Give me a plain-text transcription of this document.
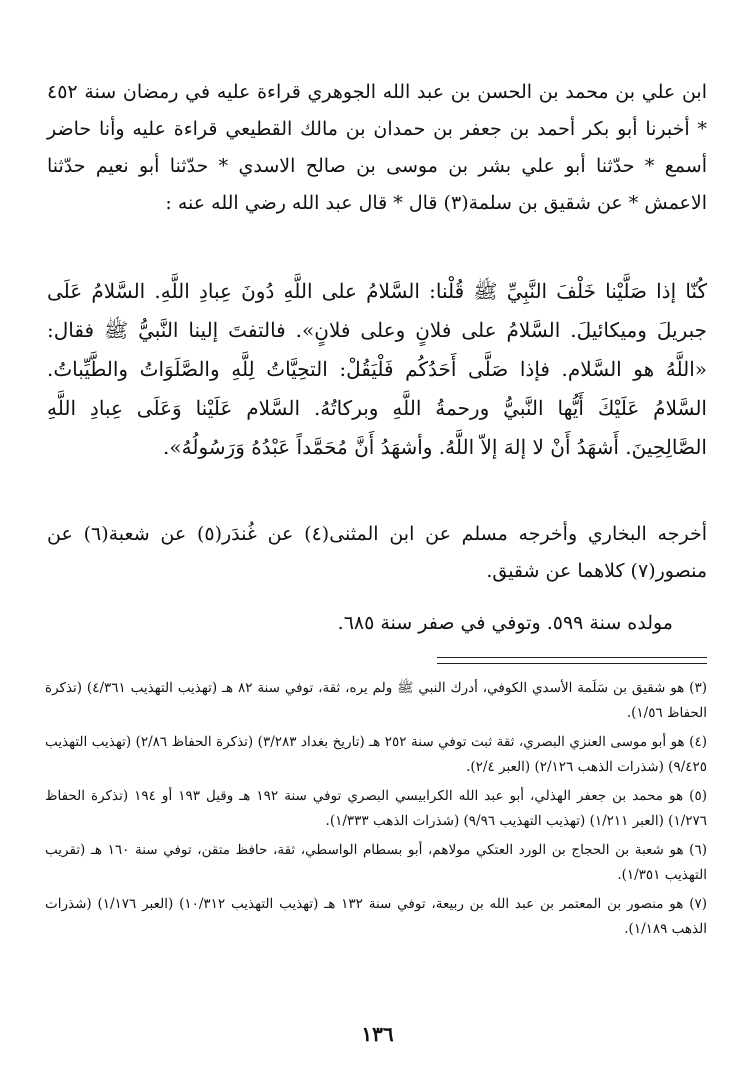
ابن علي بن محمد بن الحسن بن عبد الله الجوهري قراءة عليه في رمضان سنة ٤٥٢ * أخبرنا أبو بكر أحمد بن جعفر بن حمدان بن مالك القطيعي قراءة عليه وأنا حاضر أسمع * حدّثنا أبو علي بشر بن موسى بن صالح الاسدي * حدّثنا أبو نعيم حدّثنا الاعمش * عن شقيق بن سلمة(٣) قال * قال عبد الله رضي الله عنه :

كُنّا إذا صَلَّيْنا خَلْفَ النَّبِيِّ ﷺ قُلْنا: السَّلامُ على اللَّهِ دُونَ عِبادِ اللَّهِ. السَّلامُ عَلَى جبريلَ وميكائيلَ. السَّلامُ على فلانٍ وعلى فلانٍ». فالتفتَ إلينا النَّبيُّ ﷺ فقال: «اللَّهُ هو السَّلام. فإذا صَلَّى أَحَدُكُم فَلْيَقُلْ: التحِيَّاتُ لِلَّهِ والصَّلَوَاتُ والطَّيِّباتُ. السَّلامُ عَلَيْكَ أَيُّها النَّبيُّ ورحمةُ اللَّهِ وبركاتُهُ. السَّلام عَلَيْنا وَعَلَى عِبادِ اللَّهِ الصَّالِحِينَ. أَشهَدُ أَنْ لا إلهَ إلاّ اللَّهُ. وأشهَدُ أَنَّ مُحَمَّداً عَبْدُهُ وَرَسُولُهُ».

أخرجه البخاري وأخرجه مسلم عن ابن المثنى(٤) عن غُندَر(٥) عن شعبة(٦) عن منصور(٧) كلاهما عن شقيق.

مولده سنة ٥٩٩. وتوفي في صفر سنة ٦٨٥.

(٣) هو شقيق بن سَلَمة الأسدي الكوفي، أدرك النبي ﷺ ولم يره، ثقة، توفي سنة ٨٢ هـ (تهذيب التهذيب ٤/٣٦١) (تذكرة الحفاظ ١/٥٦).

(٤) هو أبو موسى العنزي البصري، ثقة ثبت توفي سنة ٢٥٢ هـ (تاريخ بغداد ٣/٢٨٣) (تذكرة الحفاظ ٢/٨٦) (تهذيب التهذيب ٩/٤٢٥) (شذرات الذهب ٢/١٢٦) (العبر ٢/٤).

(٥) هو محمد بن جعفر الهذلي، أبو عبد الله الكرابيسي البصري توفي سنة ١٩٢ هـ وقيل ١٩٣ أو ١٩٤ (تذكرة الحفاظ ١/٢٧٦) (العبر ١/٢١١) (تهذيب التهذيب ٩/٩٦) (شذرات الذهب ١/٣٣٣).

(٦) هو شعبة بن الحجاج بن الورد العتكي مولاهم، أبو بسطام الواسطي، ثقة، حافظ متقن، توفي سنة ١٦٠ هـ (تقريب التهذيب ١/٣٥١).

(٧) هو منصور بن المعتمر بن عبد الله بن ربيعة، توفي سنة ١٣٢ هـ (تهذيب التهذيب ١٠/٣١٢) (العبر ١/١٧٦) (شذرات الذهب ١/١٨٩).

١٣٦
